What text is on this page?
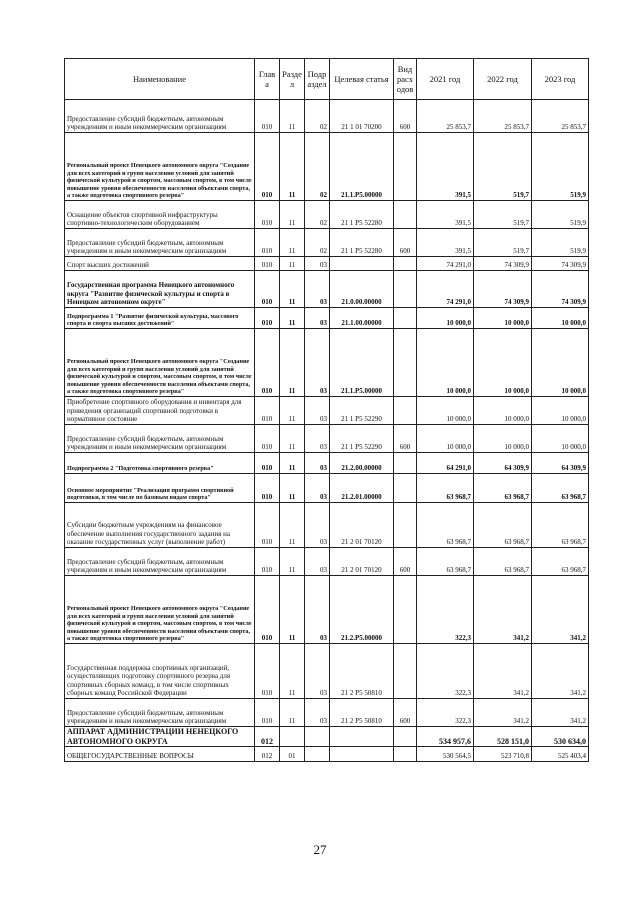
Наименование	Глав а	Разде л	Подр аздел	Целевая статья	Вид расх одов	2021 год	2022 год	2023 год
Предоставление субсидий бюджетным, автономным учреждениям и иным некоммерческим организациям	010	11	02	21 1 01 70200	600	25 853,7	25 853,7	25 853,7
Региональный проект Ненецкого автономного округа "Создание для всех категорий и групп населения условий для занятий физической культурой и спортом, массовым спортом, в том числе повышение уровня обеспеченности населения объектами спорта, а также подготовка спортивного резерва"	010	11	02	21.1.P5.00000		391,5	519,7	519,9
Оснащение объектов спортивной инфраструктуры спортивно-технологическим оборудованием	010	11	02	21 1 P5 52280		391,5	519,7	519,9
Предоставление субсидий бюджетным, автономным учреждениям и иным некоммерческим организациям	010	11	02	21 1 P5 52280	600	391,5	519,7	519,9
Спорт высших достижений	010	11	03			74 291,0	74 309,9	74 309,9
Государственная программа Ненецкого автономного округа "Развитие физической культуры и спорта в Ненецком автономном округе"	010	11	03	21.0.00.00000		74 291,0	74 309,9	74 309,9
Подпрограмма 1 "Развитие физической культуры, массового спорта и спорта высших достижений"	010	11	03	21.1.00.00000		10 000,0	10 000,0	10 000,0
Региональный проект Ненецкого автономного округа "Создание для всех категорий и групп населения условий для занятий физической культурой и спортом, массовым спортом, в том числе повышение уровня обеспеченности населения объектами спорта, а также подготовка спортивного резерва"	010	11	03	21.1.P5.00000		10 000,0	10 000,0	10 000,0
Приобретение спортивного оборудования и инвентаря для приведения организаций спортивной подготовки в нормативное состояние	010	11	03	21 1 P5 52290		10 000,0	10 000,0	10 000,0
Предоставление субсидий бюджетным, автономным учреждениям и иным некоммерческим организациям	010	11	03	21 1 P5 52290	600	10 000,0	10 000,0	10 000,0
Подпрограмма 2 "Подготовка спортивного резерва"	010	11	03	21.2.00.00000		64 291,0	64 309,9	64 309,9
Основное мероприятие "Реализация программ спортивной подготовки, в том числе по базовым видам спорта"	010	11	03	21.2.01.00000		63 968,7	63 968,7	63 968,7
Субсидии бюджетным учреждениям на финансовое обеспечение выполнения государственного задания на оказание государственных услуг (выполнение работ)	010	11	03	21 2 01 70120		63 968,7	63 968,7	63 968,7
Предоставление субсидий бюджетным, автономным учреждениям и иным некоммерческим организациям	010	11	03	21 2 01 70120	600	63 968,7	63 968,7	63 968,7
Региональный проект Ненецкого автономного округа "Создание для всех категорий и групп населения условий для занятий физической культурой и спортом, массовым спортом, в том числе повышение уровня обеспеченности населения объектами спорта, а также подготовка спортивного резерва"	010	11	03	21.2.P5.00000		322,3	341,2	341,2
Государственная поддержка спортивных организаций, осуществляющих подготовку спортивного резерва для спортивных сборных команд, в том числе спортивных сборных команд Российской Федерации	010	11	03	21 2 P5 50810		322,3	341,2	341,2
Предоставление субсидий бюджетным, автономным учреждениям и иным некоммерческим организациям	010	11	03	21 2 P5 50810	600	322,3	341,2	341,2
АППАРАТ АДМИНИСТРАЦИИ НЕНЕЦКОГО АВТОНОМНОГО ОКРУГА	012					534 957,6	528 151,0	530 634,0
ОБЩЕГОСУДАРСТВЕННЫЕ ВОПРОСЫ	012	01				530 564,5	523 710,8	525 403,4
27
